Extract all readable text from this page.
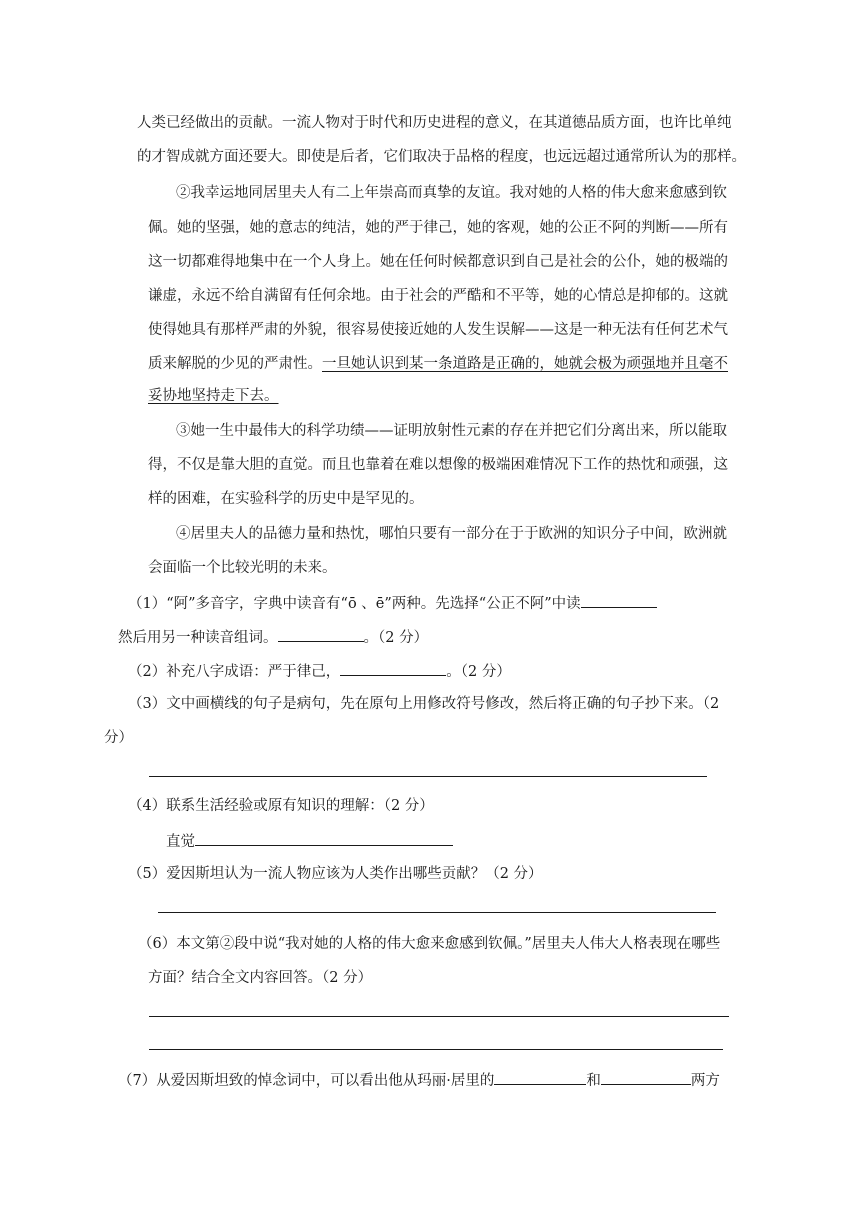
人类已经做出的贡献。一流人物对于时代和历史进程的意义，在其道德品质方面，也许比单纯
的才智成就方面还要大。即使是后者，它们取决于品格的程度，也远远超过通常所认为的那样。
②我幸运地同居里夫人有二上年崇高而真挚的友谊。我对她的人格的伟大愈来愈感到钦
佩。她的坚强，她的意志的纯洁，她的严于律己，她的客观，她的公正不阿的判断——所有
这一切都难得地集中在一个人身上。她在任何时候都意识到自己是社会的公仆，她的极端的
谦虚，永远不给自满留有任何余地。由于社会的严酷和不平等，她的心情总是抑郁的。这就
使得她具有那样严肃的外貌，很容易使接近她的人发生误解——这是一种无法有任何艺术气
质来解脱的少见的严肃性。一旦她认识到某一条道路是正确的，她就会极为顽强地并且毫不
妥协地坚持走下去。
③她一生中最伟大的科学功绩——证明放射性元素的存在并把它们分离出来，所以能取
得，不仅是靠大胆的直觉。而且也靠着在难以想像的极端困难情况下工作的热忱和顽强，这
样的困难，在实验科学的历史中是罕见的。
④居里夫人的品德力量和热忱，哪怕只要有一部分在于于欧洲的知识分子中间，欧洲就
会面临一个比较光明的未来。
（1）“阿”多音字，字典中读音有“ō 、ē”两种。先选择“公正不阿”中读
然后用另一种读音组词。	。（2 分）
（2）补充八字成语：严于律己，	。（2 分）
（3）文中画横线的句子是病句，先在原句上用修改符号修改，然后将正确的句子抄下来。（2
分）
（4）联系生活经验或原有知识的理解：（2 分）
直觉
（5）爱因斯坦认为一流人物应该为人类作出哪些贡献？（2 分）
（6）本文第②段中说“我对她的人格的伟大愈来愈感到钦佩。”居里夫人伟大人格表现在哪些
方面？结合全文内容回答。（2 分）
（7）从爱因斯坦致的悼念词中，可以看出他从玛丽·居里的	和	两方
